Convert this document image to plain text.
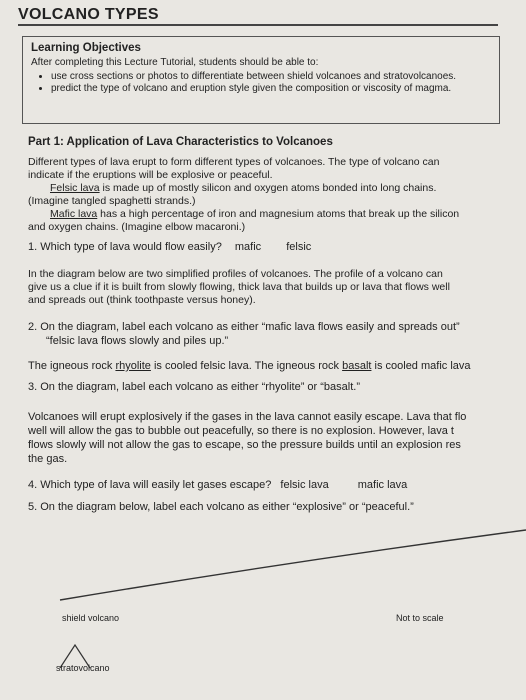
VOLCANO TYPES
Learning Objectives
After completing this Lecture Tutorial, students should be able to:
• use cross sections or photos to differentiate between shield volcanoes and stratovolcanoes.
• predict the type of volcano and eruption style given the composition or viscosity of magma.
Part 1: Application of Lava Characteristics to Volcanoes
Different types of lava erupt to form different types of volcanoes. The type of volcano can
indicate if the eruptions will be explosive or peaceful.
Felsic lava is made up of mostly silicon and oxygen atoms bonded into long chains.
(Imagine tangled spaghetti strands.)
Mafic lava has a high percentage of iron and magnesium atoms that break up the silicon
and oxygen chains. (Imagine elbow macaroni.)
1. Which type of lava would flow easily? mafic felsic
In the diagram below are two simplified profiles of volcanoes. The profile of a volcano can
give us a clue if it is built from slowly flowing, thick lava that builds up or lava that flows well
and spreads out (think toothpaste versus honey).
2. On the diagram, label each volcano as either “mafic lava flows easily and spreads out”
“felsic lava flows slowly and piles up.”
The igneous rock rhyolite is cooled felsic lava. The igneous rock basalt is cooled mafic lava
3. On the diagram, label each volcano as either “rhyolite” or “basalt.”
Volcanoes will erupt explosively if the gases in the lava cannot easily escape. Lava that flo
well will allow the gas to bubble out peacefully, so there is no explosion. However, lava t
flows slowly will not allow the gas to escape, so the pressure builds until an explosion res
the gas.
4. Which type of lava will easily let gases escape? felsic lava	mafic lava
5. On the diagram below, label each volcano as either “explosive” or “peaceful.”
shield volcano	Not to scale
stratovolcano
